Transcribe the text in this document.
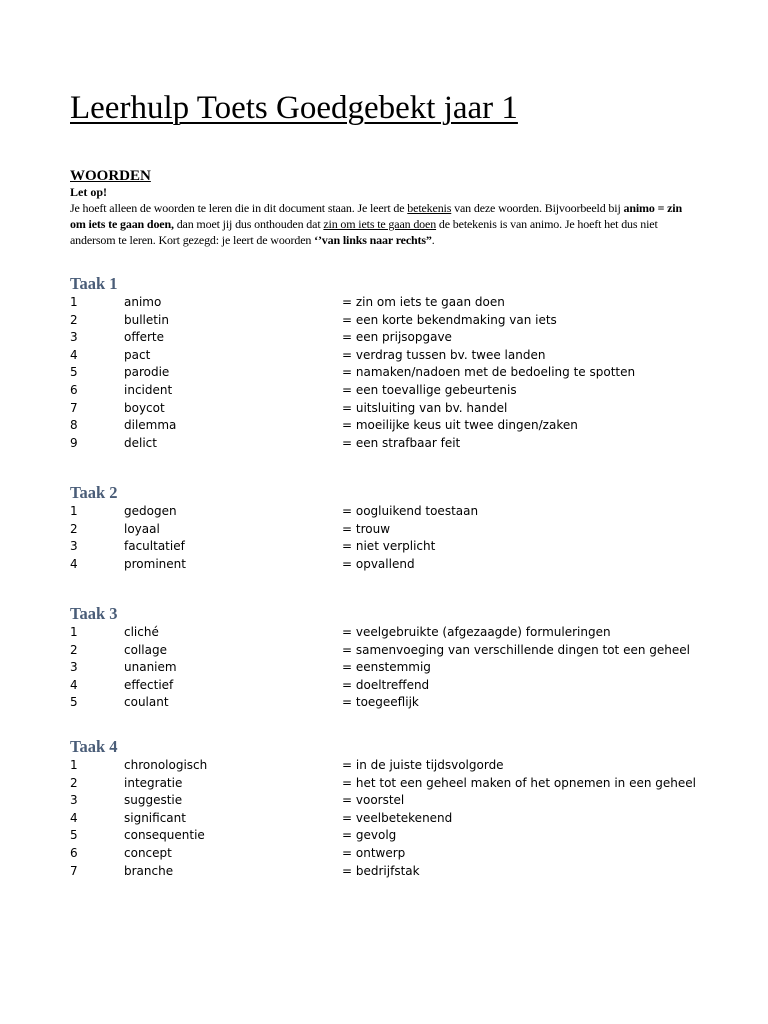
Leerhulp Toets Goedgebekt jaar 1

WOORDEN

Let op!

Je hoeft alleen de woorden te leren die in dit document staan. Je leert de betekenis van deze woorden. Bijvoorbeeld bij animo = zin om iets te gaan doen, dan moet jij dus onthouden dat zin om iets te gaan doen de betekenis is van animo. Je hoeft het dus niet andersom te leren. Kort gezegd: je leert de woorden ‘’van links naar rechts”.

Taak 1
1	animo	= zin om iets te gaan doen
2	bulletin	= een korte bekendmaking van iets
3	offerte	= een prijsopgave
4	pact	= verdrag tussen bv. twee landen
5	parodie	= namaken/nadoen met de bedoeling te spotten
6	incident	= een toevallige gebeurtenis
7	boycot	= uitsluiting van bv. handel
8	dilemma	= moeilijke keus uit twee dingen/zaken
9	delict	= een strafbaar feit
Taak 2
1	gedogen	= oogluikend toestaan
2	loyaal	= trouw
3	facultatief	= niet verplicht
4	prominent	= opvallend
Taak 3
1	cliché	= veelgebruikte (afgezaagde) formuleringen
2	collage	= samenvoeging van verschillende dingen tot een geheel
3	unaniem	= eenstemmig
4	effectief	= doeltreffend
5	coulant	= toegeeflijk
Taak 4
1	chronologisch	= in de juiste tijdsvolgorde
2	integratie	= het tot een geheel maken of het opnemen in een geheel
3	suggestie	= voorstel
4	significant	= veelbetekenend
5	consequentie	= gevolg
6	concept	= ontwerp
7	branche	= bedrijfstak
